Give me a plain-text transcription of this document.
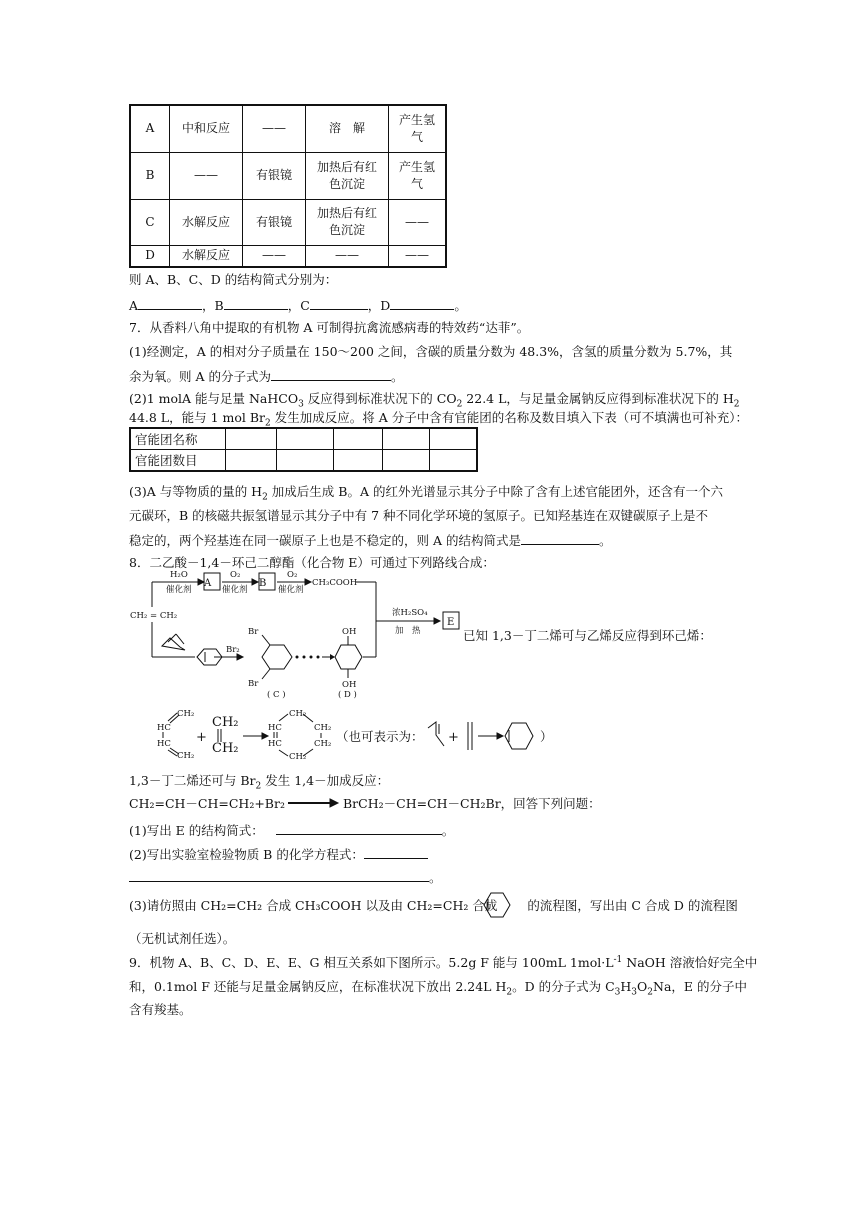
A	中和反应	——	溶　解	产生氢
气
B	——	有银镜	加热后有红
色沉淀	产生氢
气
C	水解反应	有银镜	加热后有红
色沉淀	——
D	水解反应	——	——	——
则 A、B、C、D 的结构简式分别为：
A	，B	，C	，D	。
7．从香料八角中提取的有机物 A 可制得抗禽流感病毒的特效药“达菲”。
(1)经测定，A 的相对分子质量在 150～200 之间，含碳的质量分数为 48.3%，含氢的质量分数为 5.7%，其
余为氧。则 A 的分子式为	。
(2)1 molA 能与足量 NaHCO$_3$ 反应得到标准状况下的 $CO_2$ 22.4 L，与足量金属钠反应得到标准状况下的 $H_2$
44.8 L，能与 1 mol $Br_2$ 发生加成反应。将 A 分子中含有官能团的名称及数目填入下表（可不填满也可补充）：
官能团名称					
官能团数目					
(3)A 与等物质的量的 $H_2$ 加成后生成 B。A 的红外光谱显示其分子中除了含有上述官能团外，还含有一个六
元碳环，B 的核磁共振氢谱显示其分子中有 7 种不同化学环境的氢原子。已知羟基连在双键碳原子上是不
稳定的，两个羟基连在同一碳原子上也是不稳定的，则 A 的结构简式是	。
8．二乙酸－1,4－环己二醇酯（化合物 E）可通过下列路线合成：
H₂O
催化剂
O₂
催化剂
O₂
催化剂
CH₃COOH
CH₂ = CH₂
Br₂
Br
Br
OH
OH
( C )	( D )
浓H₂SO₄
加　热
A	B
E
已知 1,3－丁二烯可与乙烯反应得到环己烯：
CH₂
HC
HC
CH₂
CH₂
HC
HC
CH₂
CH₂
CH₂
CH₂
CH₂
+	+
（也可表示为：	）
1,3－丁二烯还可与 $Br_2$ 发生 1,4－加成反应：
CH₂=CH－CH=CH₂+Br₂	BrCH₂－CH=CH－CH₂Br，回答下列问题：
(1)写出 E 的结构简式：	。
(2)写出实验室检验物质 B 的化学方程式：
。
(3)请仿照由 CH₂=CH₂ 合成 CH₃COOH 以及由 CH₂=CH₂ 合成 的流程图，写出由 C 合成 D 的流程图
（无机试剂任选）。
9．机物 A、B、C、D、E、E、G 相互关系如下图所示。5.2g F 能与 100mL $1mol\cdot L^{-1}$ NaOH 溶液恰好完全中
和，0.1mol F 还能与足量金属钠反应，在标准状况下放出 2.24L $H_2$。D 的分子式为 $C_3H_3O_2Na$，E 的分子中
含有羧基。
